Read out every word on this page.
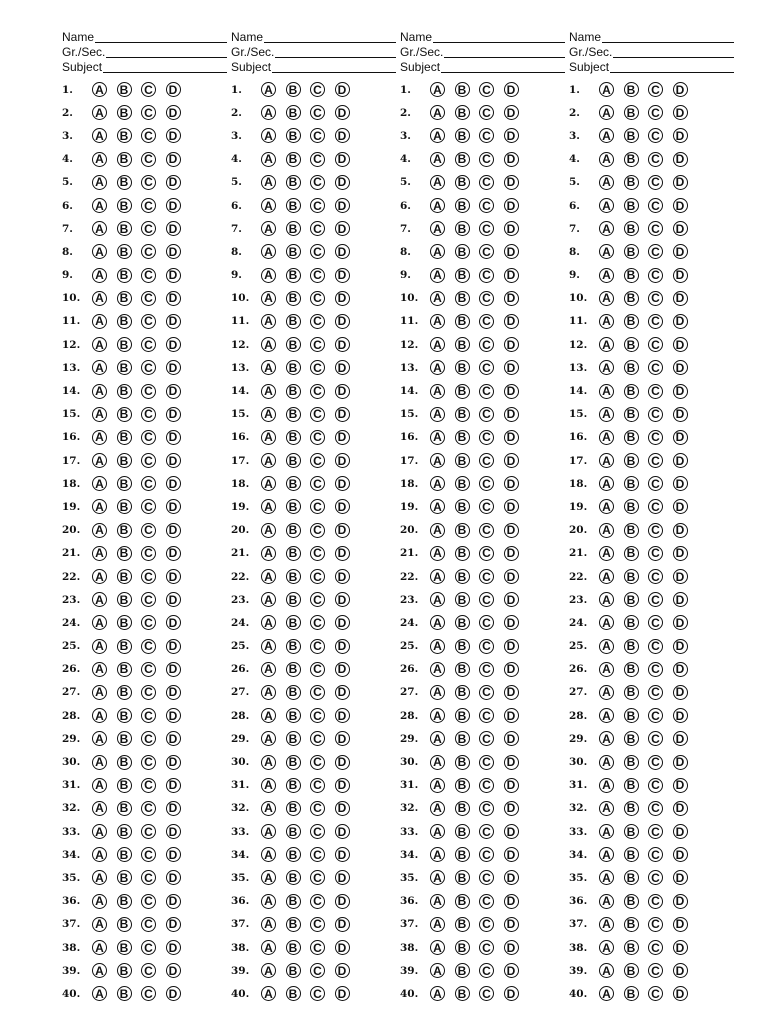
Name
Gr./Sec.
Subject
1.	A B C D
2.	A B C D
3.	A B C D
4.	A B C D
5.	A B C D
6.	A B C D
7.	A B C D
8.	A B C D
9.	A B C D
10.	A B C D
11.	A B C D
12.	A B C D
13.	A B C D
14.	A B C D
15.	A B C D
16.	A B C D
17.	A B C D
18.	A B C D
19.	A B C D
20.	A B C D
21.	A B C D
22.	A B C D
23.	A B C D
24.	A B C D
25.	A B C D
26.	A B C D
27.	A B C D
28.	A B C D
29.	A B C D
30.	A B C D
31.	A B C D
32.	A B C D
33.	A B C D
34.	A B C D
35.	A B C D
36.	A B C D
37.	A B C D
38.	A B C D
39.	A B C D
40.	A B C D
Name
Gr./Sec.
Subject
1.	A B C D
2.	A B C D
3.	A B C D
4.	A B C D
5.	A B C D
6.	A B C D
7.	A B C D
8.	A B C D
9.	A B C D
10.	A B C D
11.	A B C D
12.	A B C D
13.	A B C D
14.	A B C D
15.	A B C D
16.	A B C D
17.	A B C D
18.	A B C D
19.	A B C D
20.	A B C D
21.	A B C D
22.	A B C D
23.	A B C D
24.	A B C D
25.	A B C D
26.	A B C D
27.	A B C D
28.	A B C D
29.	A B C D
30.	A B C D
31.	A B C D
32.	A B C D
33.	A B C D
34.	A B C D
35.	A B C D
36.	A B C D
37.	A B C D
38.	A B C D
39.	A B C D
40.	A B C D
Name
Gr./Sec.
Subject
1.	A B C D
2.	A B C D
3.	A B C D
4.	A B C D
5.	A B C D
6.	A B C D
7.	A B C D
8.	A B C D
9.	A B C D
10.	A B C D
11.	A B C D
12.	A B C D
13.	A B C D
14.	A B C D
15.	A B C D
16.	A B C D
17.	A B C D
18.	A B C D
19.	A B C D
20.	A B C D
21.	A B C D
22.	A B C D
23.	A B C D
24.	A B C D
25.	A B C D
26.	A B C D
27.	A B C D
28.	A B C D
29.	A B C D
30.	A B C D
31.	A B C D
32.	A B C D
33.	A B C D
34.	A B C D
35.	A B C D
36.	A B C D
37.	A B C D
38.	A B C D
39.	A B C D
40.	A B C D
Name
Gr./Sec.
Subject
1.	A B C D
2.	A B C D
3.	A B C D
4.	A B C D
5.	A B C D
6.	A B C D
7.	A B C D
8.	A B C D
9.	A B C D
10.	A B C D
11.	A B C D
12.	A B C D
13.	A B C D
14.	A B C D
15.	A B C D
16.	A B C D
17.	A B C D
18.	A B C D
19.	A B C D
20.	A B C D
21.	A B C D
22.	A B C D
23.	A B C D
24.	A B C D
25.	A B C D
26.	A B C D
27.	A B C D
28.	A B C D
29.	A B C D
30.	A B C D
31.	A B C D
32.	A B C D
33.	A B C D
34.	A B C D
35.	A B C D
36.	A B C D
37.	A B C D
38.	A B C D
39.	A B C D
40.	A B C D
